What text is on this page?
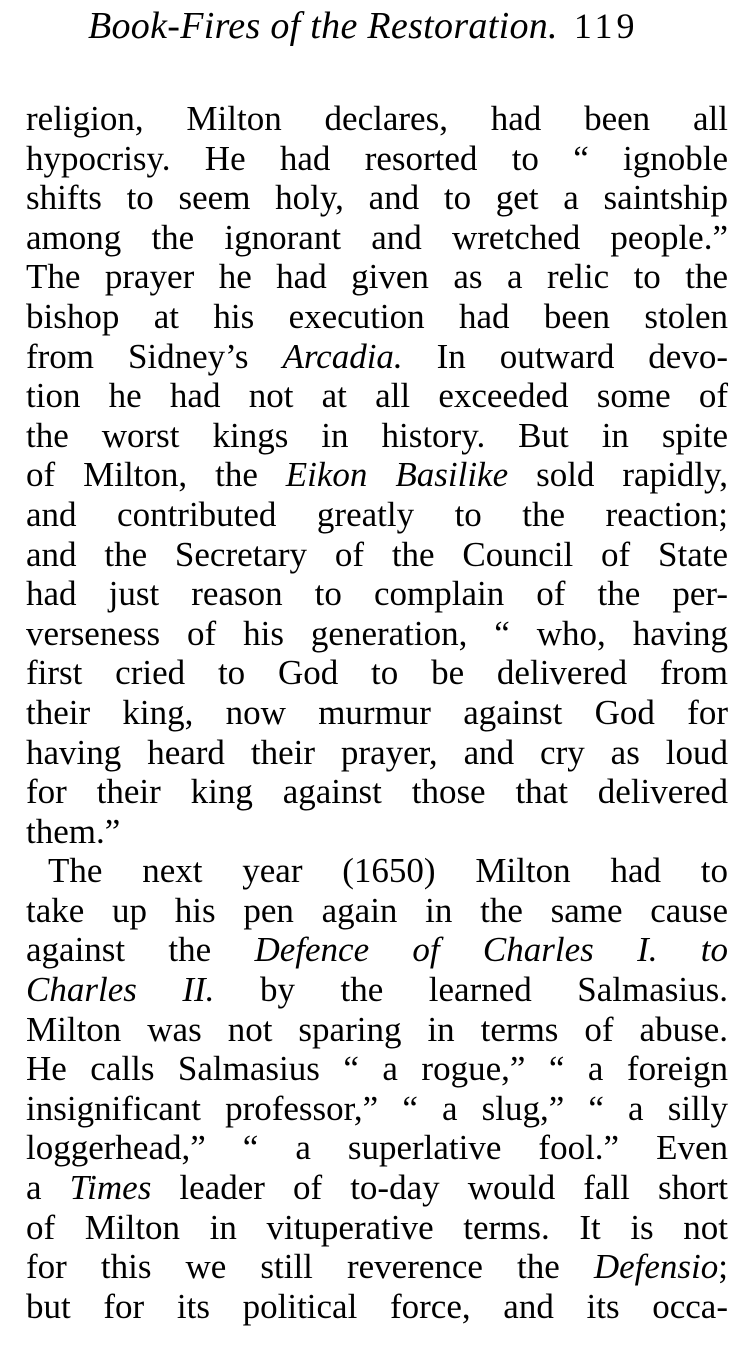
Book-Fires of the Restoration. 119
religion, Milton declares, had been all
hypocrisy. He had resorted to “ ignoble
shifts to seem holy, and to get a saintship
among the ignorant and wretched people.”
The prayer he had given as a relic to the
bishop at his execution had been stolen
from Sidney’s Arcadia. In outward devo-
tion he had not at all exceeded some of
the worst kings in history. But in spite
of Milton, the Eikon Basilike sold rapidly,
and contributed greatly to the reaction;
and the Secretary of the Council of State
had just reason to complain of the per-
verseness of his generation, “ who, having
first cried to God to be delivered from
their king, now murmur against God for
having heard their prayer, and cry as loud
for their king against those that delivered
them.”
The next year (1650) Milton had to
take up his pen again in the same cause
against the Defence of Charles I. to
Charles II. by the learned Salmasius.
Milton was not sparing in terms of abuse.
He calls Salmasius “ a rogue,” “ a foreign
insignificant professor,” “ a slug,” “ a silly
loggerhead,” “ a superlative fool.” Even
a Times leader of to-day would fall short
of Milton in vituperative terms. It is not
for this we still reverence the Defensio;
but for its political force, and its occa-
